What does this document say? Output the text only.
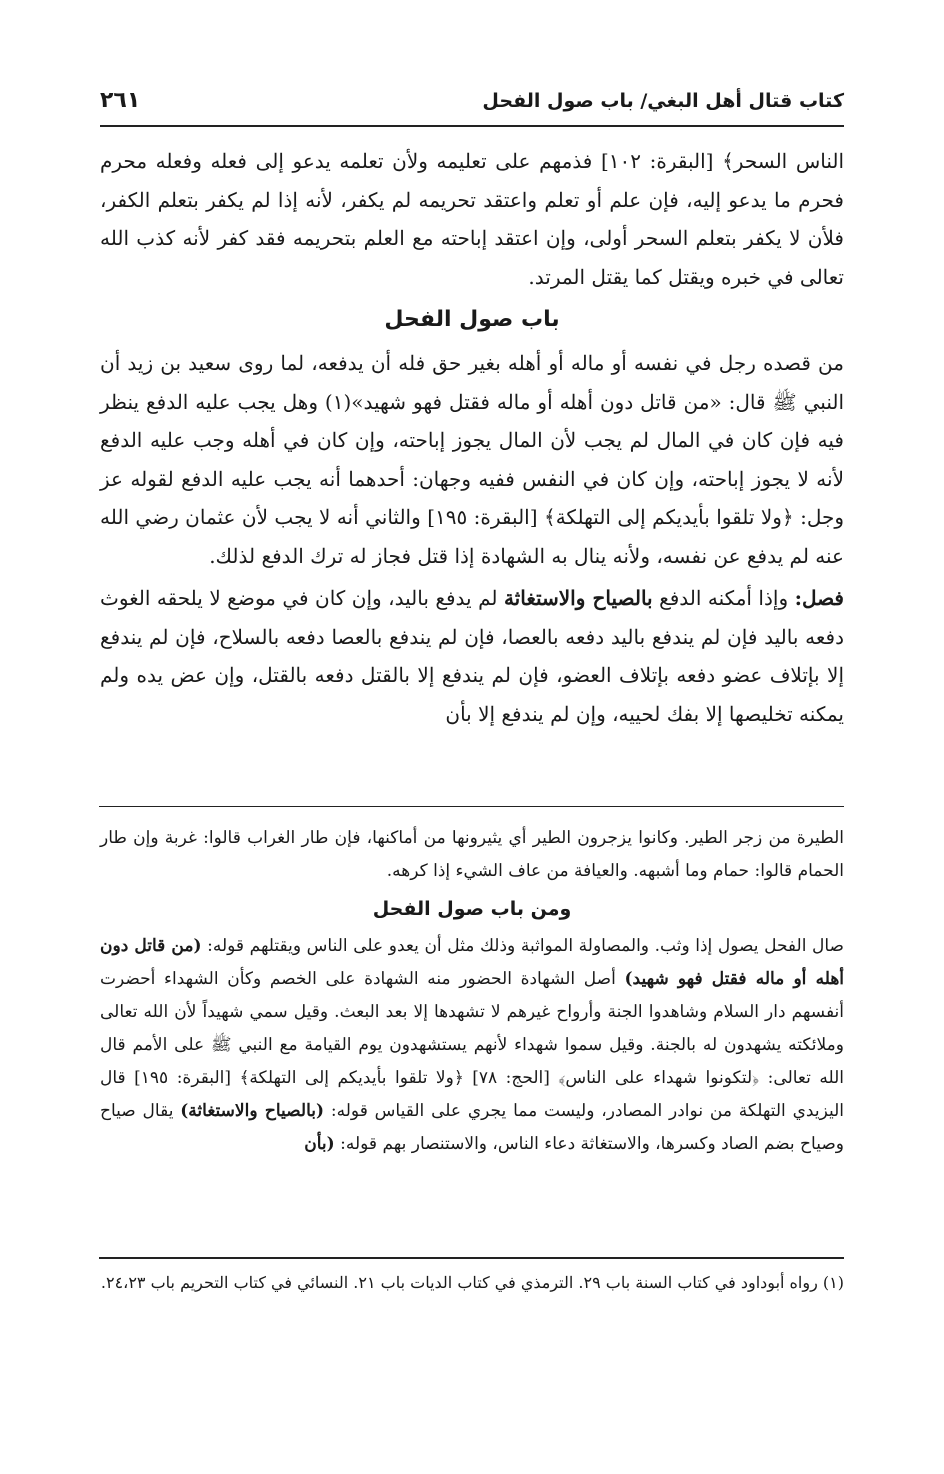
كتاب قتال أهل البغي/ باب صول الفحل
٢٦١

الناس السحر﴾ [البقرة: ١٠٢] فذمهم على تعليمه ولأن تعلمه يدعو إلى فعله وفعله محرم فحرم ما يدعو إليه، فإن علم أو تعلم واعتقد تحريمه لم يكفر، لأنه إذا لم يكفر بتعلم الكفر، فلأن لا يكفر بتعلم السحر أولى، وإن اعتقد إباحته مع العلم بتحريمه فقد كفر لأنه كذب الله تعالى في خبره ويقتل كما يقتل المرتد.

باب صول الفحل

من قصده رجل في نفسه أو ماله أو أهله بغير حق فله أن يدفعه، لما روى سعيد بن زيد أن النبي ﷺ قال: «من قاتل دون أهله أو ماله فقتل فهو شهيد»(١) وهل يجب عليه الدفع ينظر فيه فإن كان في المال لم يجب لأن المال يجوز إباحته، وإن كان في أهله وجب عليه الدفع لأنه لا يجوز إباحته، وإن كان في النفس ففيه وجهان: أحدهما أنه يجب عليه الدفع لقوله عز وجل: ﴿ولا تلقوا بأيديكم إلى التهلكة﴾ [البقرة: ١٩٥] والثاني أنه لا يجب لأن عثمان رضي الله عنه لم يدفع عن نفسه، ولأنه ينال به الشهادة إذا قتل فجاز له ترك الدفع لذلك.

فصل: وإذا أمكنه الدفع بالصياح والاستغاثة لم يدفع باليد، وإن كان في موضع لا يلحقه الغوث دفعه باليد فإن لم يندفع باليد دفعه بالعصا، فإن لم يندفع بالعصا دفعه بالسلاح، فإن لم يندفع إلا بإتلاف عضو دفعه بإتلاف العضو، فإن لم يندفع إلا بالقتل دفعه بالقتل، وإن عض يده ولم يمكنه تخليصها إلا بفك لحييه، وإن لم يندفع إلا بأن

الطيرة من زجر الطير. وكانوا يزجرون الطير أي يثيرونها من أماكنها، فإن طار الغراب قالوا: غربة وإن طار الحمام قالوا: حمام وما أشبهه. والعيافة من عاف الشيء إذا كرهه.

ومن باب صول الفحل

صال الفحل يصول إذا وثب. والمصاولة المواثبة وذلك مثل أن يعدو على الناس ويقتلهم قوله: (من قاتل دون أهله أو ماله فقتل فهو شهيد) أصل الشهادة الحضور منه الشهادة على الخصم وكأن الشهداء أحضرت أنفسهم دار السلام وشاهدوا الجنة وأرواح غيرهم لا تشهدها إلا بعد البعث. وقيل سمي شهيداً لأن الله تعالى وملائكته يشهدون له بالجنة. وقيل سموا شهداء لأنهم يستشهدون يوم القيامة مع النبي ﷺ على الأمم قال الله تعالى: ﴿لتكونوا شهداء على الناس﴾ [الحج: ٧٨] ﴿ولا تلقوا بأيديكم إلى التهلكة﴾ [البقرة: ١٩٥] قال اليزيدي التهلكة من نوادر المصادر، وليست مما يجري على القياس قوله: (بالصياح والاستغاثة) يقال صياح وصياح بضم الصاد وكسرها، والاستغاثة دعاء الناس، والاستنصار بهم قوله: (بأن

(١) رواه أبوداود في كتاب السنة باب ٢٩. الترمذي في كتاب الديات باب ٢١. النسائي في كتاب التحريم باب ٢٤،٢٣.
